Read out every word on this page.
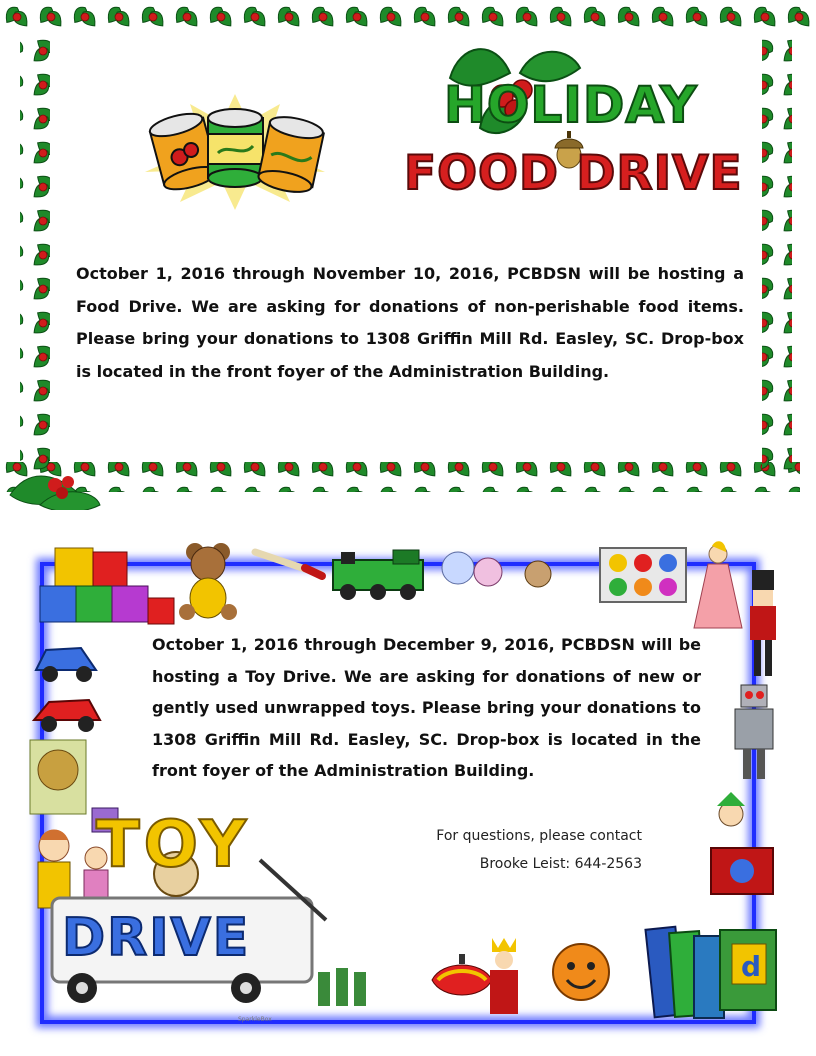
HOLIDAY
FOOD DRIVE

October 1, 2016 through November 10, 2016, PCBDSN will be hosting a Food Drive. We are asking for donations of non-perishable food items. Please bring your donations to 1308 Griffin Mill Rd. Easley, SC. Drop-box is located in the front foyer of the Administration Building.

d
TOY
DRIVE

October 1, 2016 through December 9, 2016, PCBDSN will be hosting a Toy Drive. We are asking for donations of new or gently used unwrapped toys. Please bring your donations to 1308 Griffin Mill Rd. Easley, SC. Drop-box is located in the front foyer of the Administration Building.

For questions, please contact
Brooke Leist: 644-2563
SparkleBox
